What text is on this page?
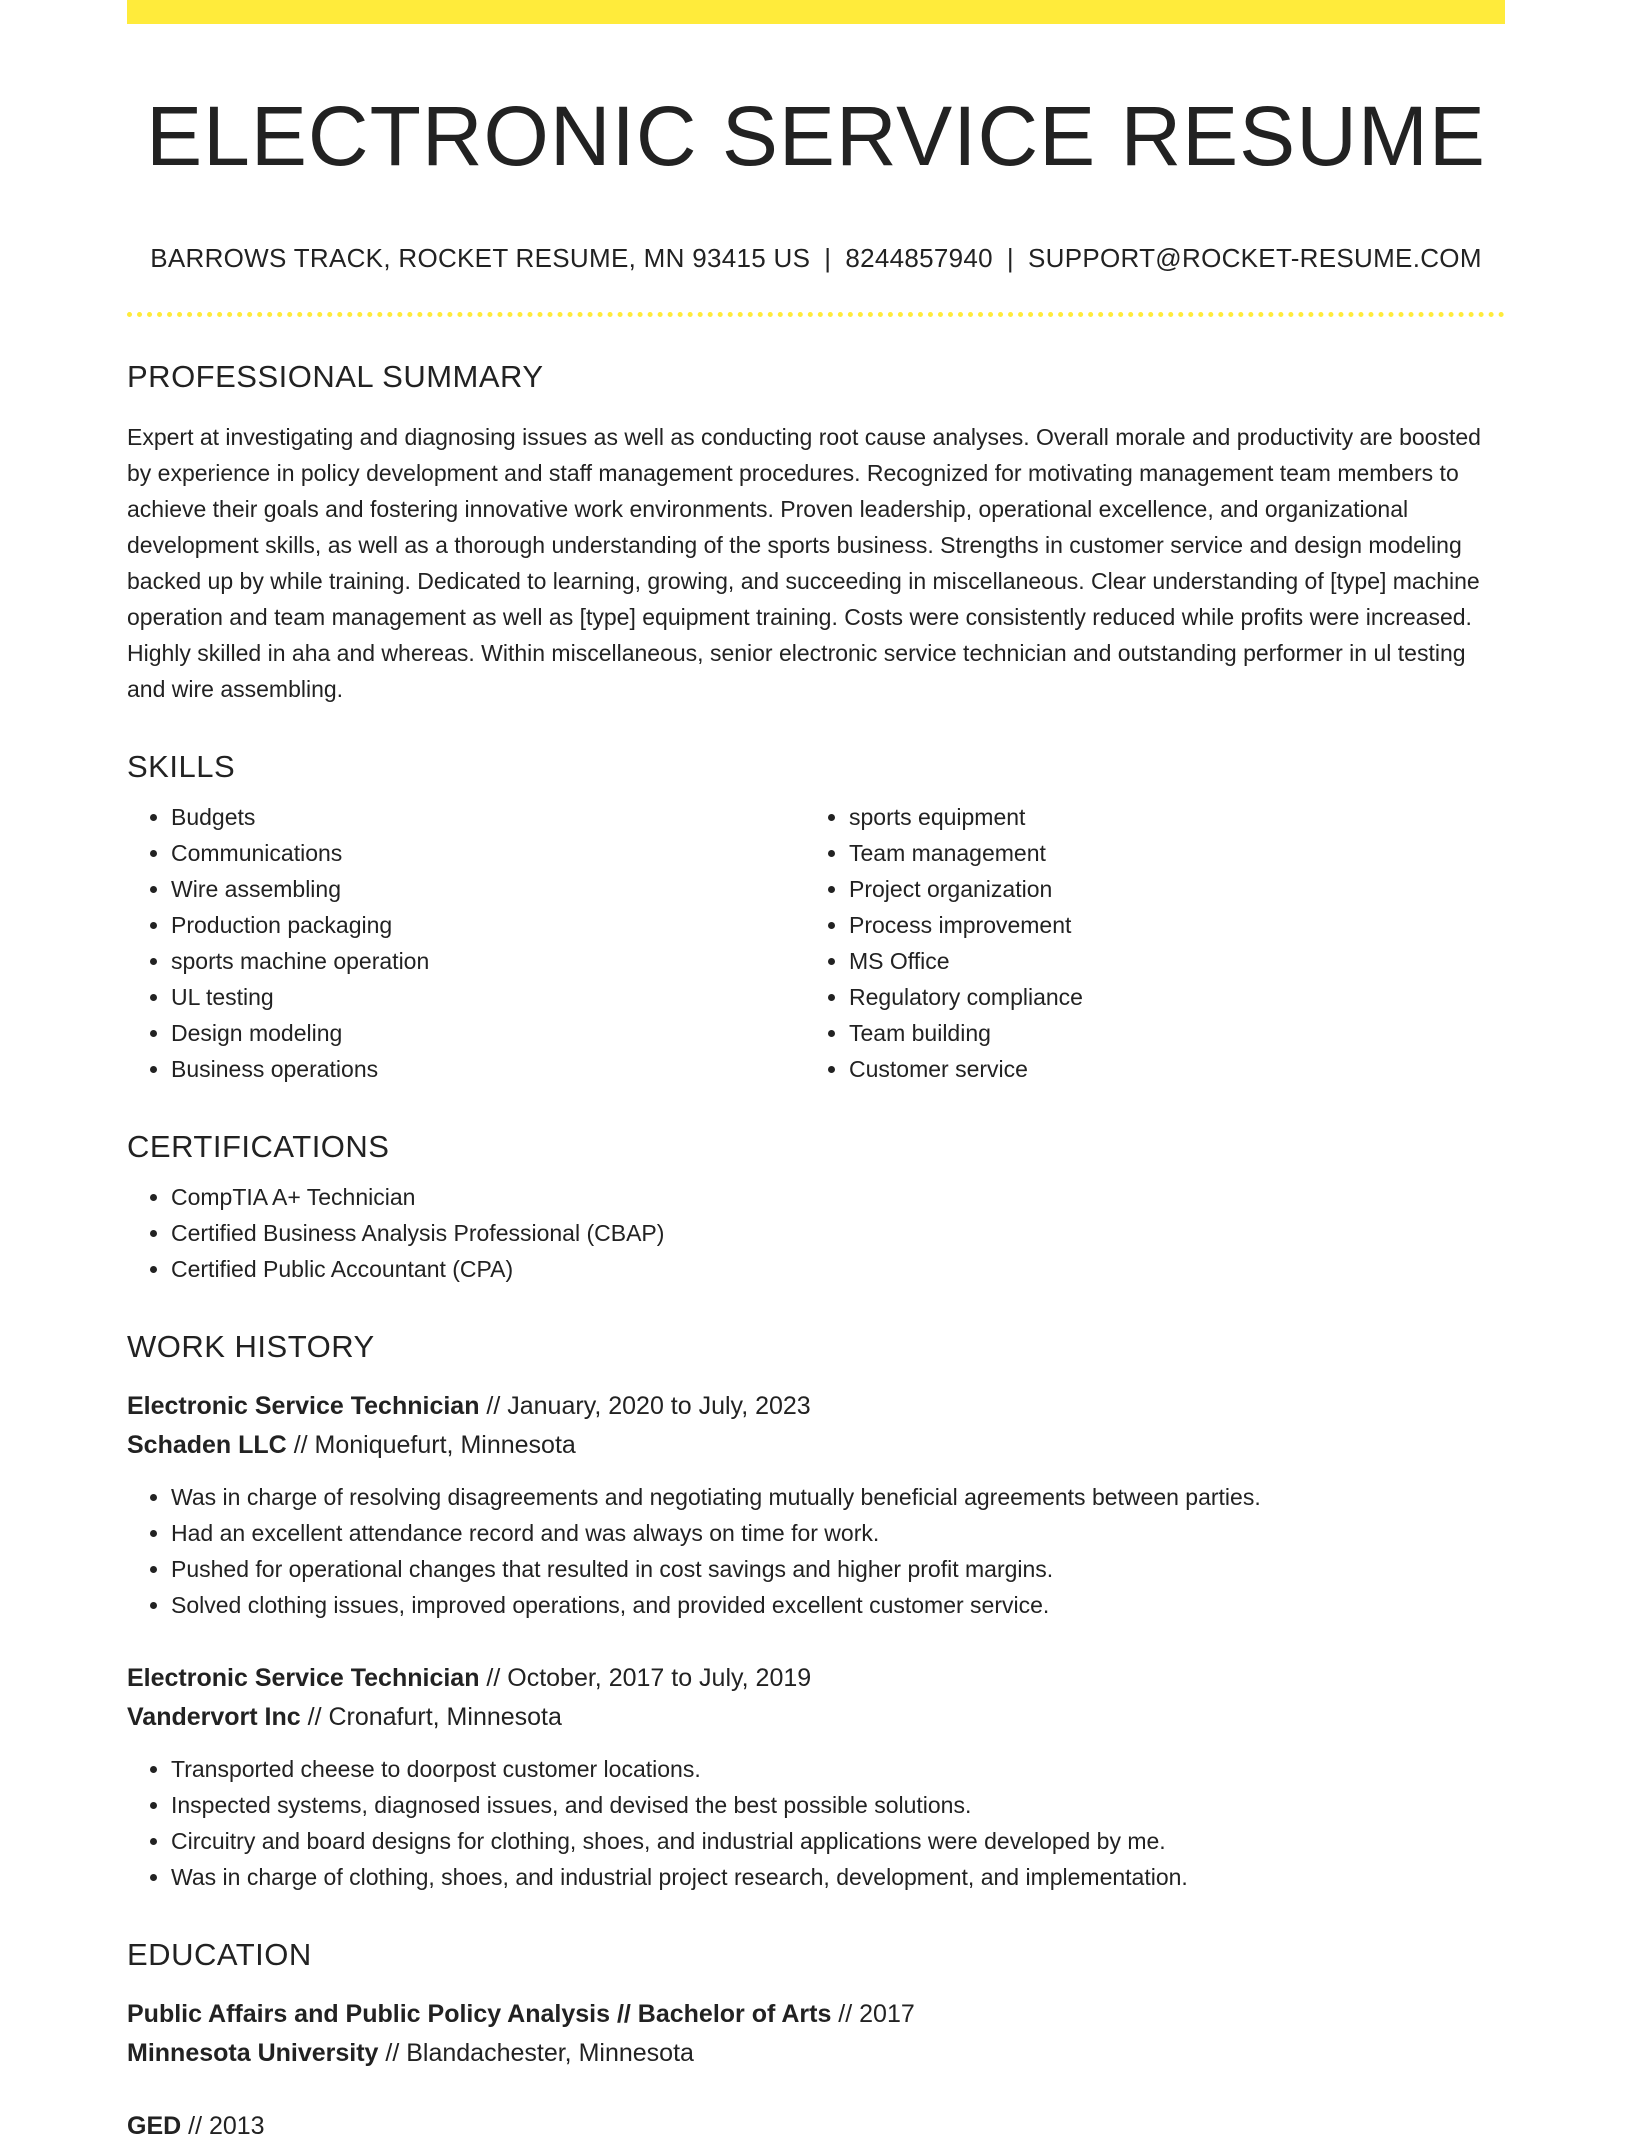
ELECTRONIC SERVICE RESUME
BARROWS TRACK, ROCKET RESUME, MN 93415 US | 8244857940 | SUPPORT@ROCKET-RESUME.COM
PROFESSIONAL SUMMARY

Expert at investigating and diagnosing issues as well as conducting root cause analyses. Overall morale and productivity are boosted by experience in policy development and staff management procedures. Recognized for motivating management team members to achieve their goals and fostering innovative work environments. Proven leadership, operational excellence, and organizational development skills, as well as a thorough understanding of the sports business. Strengths in customer service and design modeling backed up by while training. Dedicated to learning, growing, and succeeding in miscellaneous. Clear understanding of [type] machine operation and team management as well as [type] equipment training. Costs were consistently reduced while profits were increased. Highly skilled in aha and whereas. Within miscellaneous, senior electronic service technician and outstanding performer in ul testing and wire assembling.

SKILLS
• Budgets
• Communications
• Wire assembling
• Production packaging
• sports machine operation
• UL testing
• Design modeling
• Business operations
• sports equipment
• Team management
• Project organization
• Process improvement
• MS Office
• Regulatory compliance
• Team building
• Customer service
CERTIFICATIONS
• CompTIA A+ Technician
• Certified Business Analysis Professional (CBAP)
• Certified Public Accountant (CPA)
WORK HISTORY
Electronic Service Technician // January, 2020 to July, 2023
Schaden LLC // Moniquefurt, Minnesota
• Was in charge of resolving disagreements and negotiating mutually beneficial agreements between parties.
• Had an excellent attendance record and was always on time for work.
• Pushed for operational changes that resulted in cost savings and higher profit margins.
• Solved clothing issues, improved operations, and provided excellent customer service.
Electronic Service Technician // October, 2017 to July, 2019
Vandervort Inc // Cronafurt, Minnesota
• Transported cheese to doorpost customer locations.
• Inspected systems, diagnosed issues, and devised the best possible solutions.
• Circuitry and board designs for clothing, shoes, and industrial applications were developed by me.
• Was in charge of clothing, shoes, and industrial project research, development, and implementation.
EDUCATION
Public Affairs and Public Policy Analysis // Bachelor of Arts // 2017
Minnesota University // Blandachester, Minnesota
GED // 2013
